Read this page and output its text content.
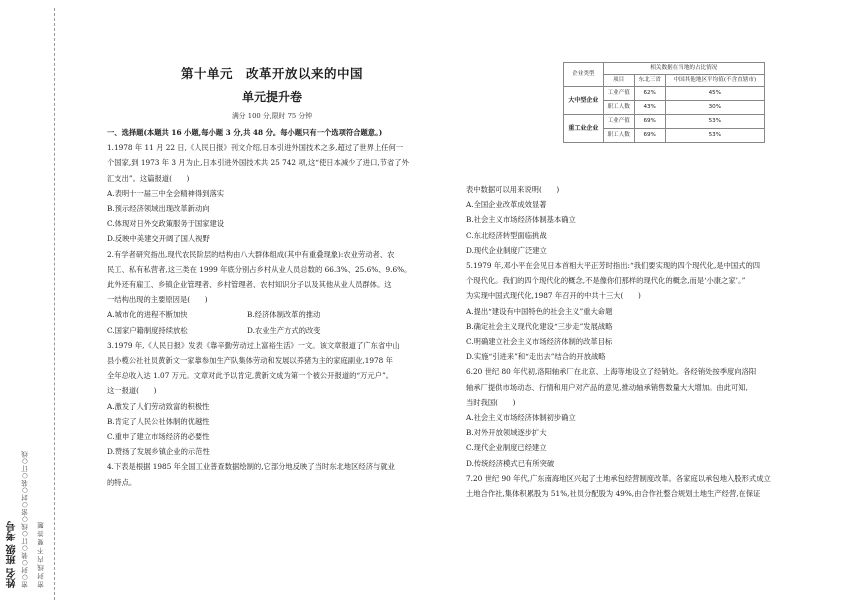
姓名 班级 考号 密○封○装○订○线○密○封○装○订○线 密 封 线 内 不 要 答 题
第十单元　改革开放以来的中国
单元提升卷
满分 100 分,限时 75 分钟

一、选择题(本题共 16 小题,每小题 3 分,共 48 分。每小题只有一个选项符合题意。)

1.1978 年 11 月 22 日,《人民日报》刊文介绍,日本引进外国技术之多,超过了世界上任何一

个国家,到 1973 年 3 月为止,日本引进外国技术共 25 742 项,这“使日本减少了进口,节省了外

汇支出”。这篇报道(　　)

A.表明十一届三中全会精神得到落实

B.预示经济领域出现改革新动向

C.体现对日外交政策服务于国家建设

D.反映中美建交开阔了国人视野

2.有学者研究指出,现代农民阶层的结构由八大群体组成(其中有重叠现象):农业劳动者、农

民工、私有私营者,这三类在 1999 年底分别占乡村从业人员总数的 66.3%、25.6%、9.6%。

此外还有雇工、乡镇企业管理者、乡村管理者、农村知识分子以及其他从业人员群体。这

一结构出现的主要原因是(　　)

A.城市化的进程不断加快	B.经济体制改革的推动

C.国家户籍制度持续放松	D.农业生产方式的改变

3.1979 年,《人民日报》发表《靠辛勤劳动过上富裕生活》一文。该文章报道了广东省中山

县小榄公社社员黄新文一家靠参加生产队集体劳动和发展以养猪为主的家庭副业,1978 年

全年总收入达 1.07 万元。文章对此予以肯定,黄新文成为第一个被公开报道的“万元户”。

这一报道(　　)

A.激发了人们劳动致富的积极性

B.肯定了人民公社体制的优越性

C.重申了建立市场经济的必要性

D.赞扬了发展乡镇企业的示范性

4.下表是根据 1985 年全国工业普查数据绘制的,它部分地反映了当时东北地区经济与就业

的特点。

企业类型	相关数据在当地的占比情况		
	项目	东北三省	中国其他地区平均值(不含直辖市)
大中型企业	工业产值	62%	45%
	职工人数	43%	30%
重工业企业	工业产值	69%	53%
	职工人数	69%	53%

表中数据可以用来说明(　　)

A.全国企业改革成效显著

B.社会主义市场经济体制基本确立

C.东北经济转型面临挑战

D.现代企业制度广泛建立

5.1979 年,邓小平在会见日本首相大平正芳时指出:“我们要实现的四个现代化,是中国式的四

个现代化。我们的四个现代化的概念,不是像你们那样的现代化的概念,而是‘小康之家’。”

为实现中国式现代化,1987 年召开的中共十三大(　　)

A.提出“建设有中国特色的社会主义”重大命题

B.确定社会主义现代化建设“三步走”发展战略

C.明确建立社会主义市场经济体制的改革目标

D.实施“引进来”和“走出去”结合的开放战略

6.20 世纪 80 年代初,洛阳轴承厂在北京、上海等地设立了经销处。各经销处按季度向洛阳

轴承厂提供市场动态、行情和用户对产品的意见,推动轴承销售数量大大增加。由此可知,

当时我国(　　)

A.社会主义市场经济体制初步确立

B.对外开放领域逐步扩大

C.现代企业制度已经建立

D.传统经济模式已有所突破

7.20 世纪 90 年代,广东南海地区兴起了土地承包经营制度改革。各家庭以承包地入股形式成立

土地合作社,集体积累股为 51%,社员分配股为 49%,由合作社整合规划土地生产经营,在保证
